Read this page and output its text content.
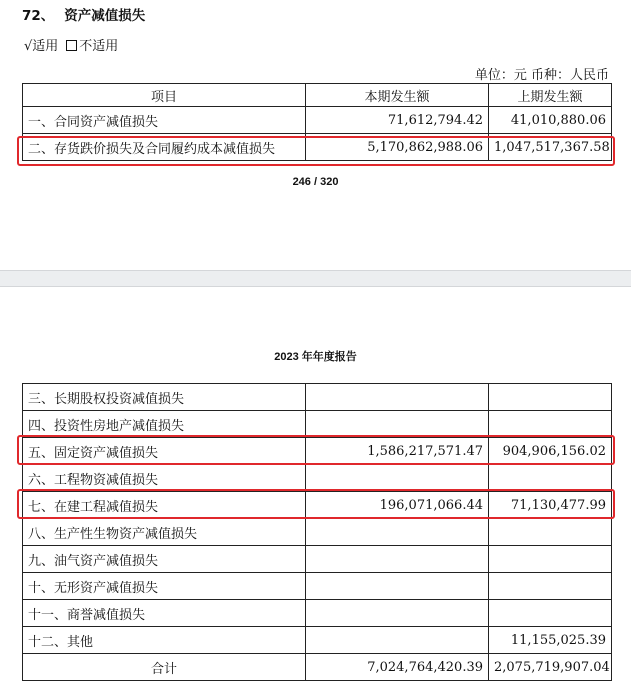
72、 资产减值损失
√适用 不适用
单位：元 币种：人民币
项目	本期发生额	上期发生额
一、合同资产减值损失	71,612,794.42	41,010,880.06
二、存货跌价损失及合同履约成本减值损失	5,170,862,988.06	1,047,517,367.58
246 / 320
2023 年年度报告
三、长期股权投资减值损失		
四、投资性房地产减值损失		
五、固定资产减值损失	1,586,217,571.47	904,906,156.02
六、工程物资减值损失		
七、在建工程减值损失	196,071,066.44	71,130,477.99
八、生产性生物资产减值损失		
九、油气资产减值损失		
十、无形资产减值损失		
十一、商誉减值损失		
十二、其他		11,155,025.39
合计	7,024,764,420.39	2,075,719,907.04
